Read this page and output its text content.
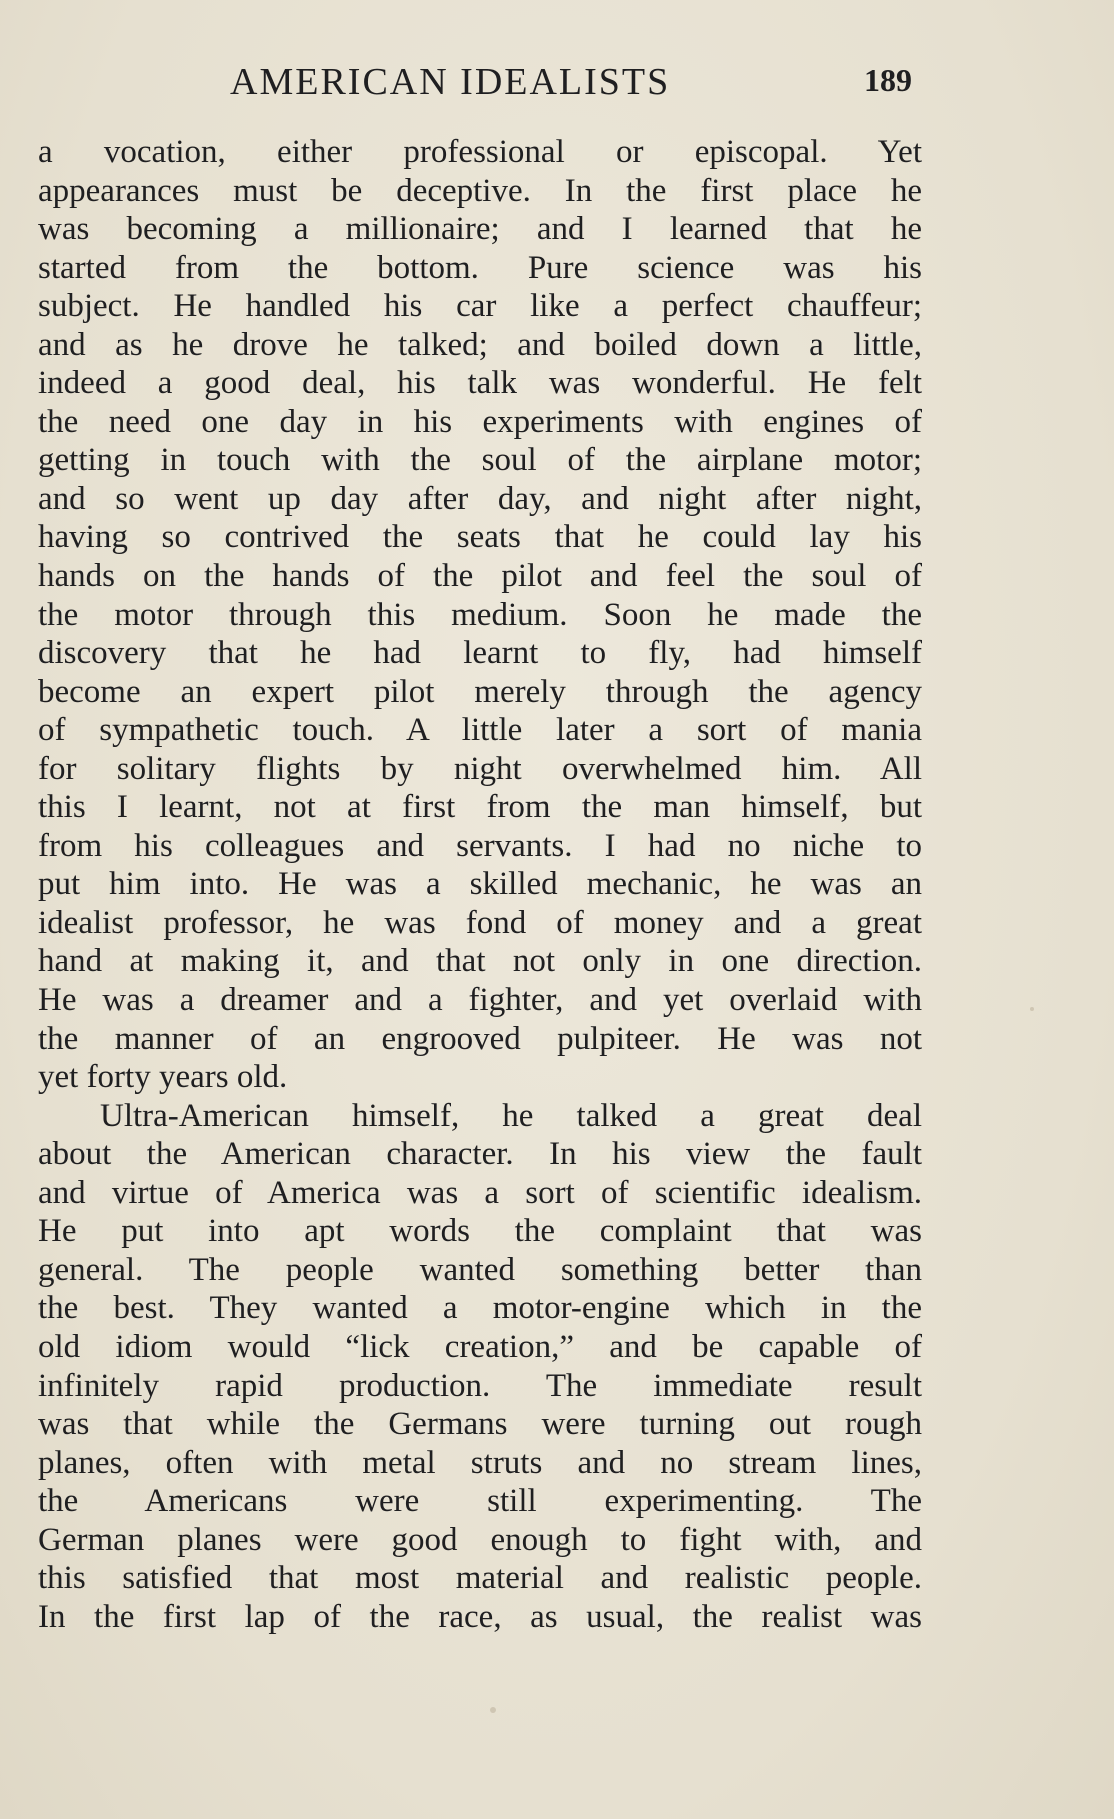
AMERICAN IDEALISTS	189
a vocation, either professional or episcopal. Yet
appearances must be deceptive. In the first place he
was becoming a millionaire; and I learned that he
started from the bottom. Pure science was his
subject. He handled his car like a perfect chauffeur;
and as he drove he talked; and boiled down a little,
indeed a good deal, his talk was wonderful. He felt
the need one day in his experiments with engines of
getting in touch with the soul of the airplane motor;
and so went up day after day, and night after night,
having so contrived the seats that he could lay his
hands on the hands of the pilot and feel the soul of
the motor through this medium. Soon he made the
discovery that he had learnt to fly, had himself
become an expert pilot merely through the agency
of sympathetic touch. A little later a sort of mania
for solitary flights by night overwhelmed him. All
this I learnt, not at first from the man himself, but
from his colleagues and servants. I had no niche to
put him into. He was a skilled mechanic, he was an
idealist professor, he was fond of money and a great
hand at making it, and that not only in one direction.
He was a dreamer and a fighter, and yet overlaid with
the manner of an engrooved pulpiteer. He was not
yet forty years old.
Ultra-American himself, he talked a great deal
about the American character. In his view the fault
and virtue of America was a sort of scientific idealism.
He put into apt words the complaint that was
general. The people wanted something better than
the best. They wanted a motor-engine which in the
old idiom would “lick creation,” and be capable of
infinitely rapid production. The immediate result
was that while the Germans were turning out rough
planes, often with metal struts and no stream lines,
the Americans were still experimenting. The
German planes were good enough to fight with, and
this satisfied that most material and realistic people.
In the first lap of the race, as usual, the realist was
